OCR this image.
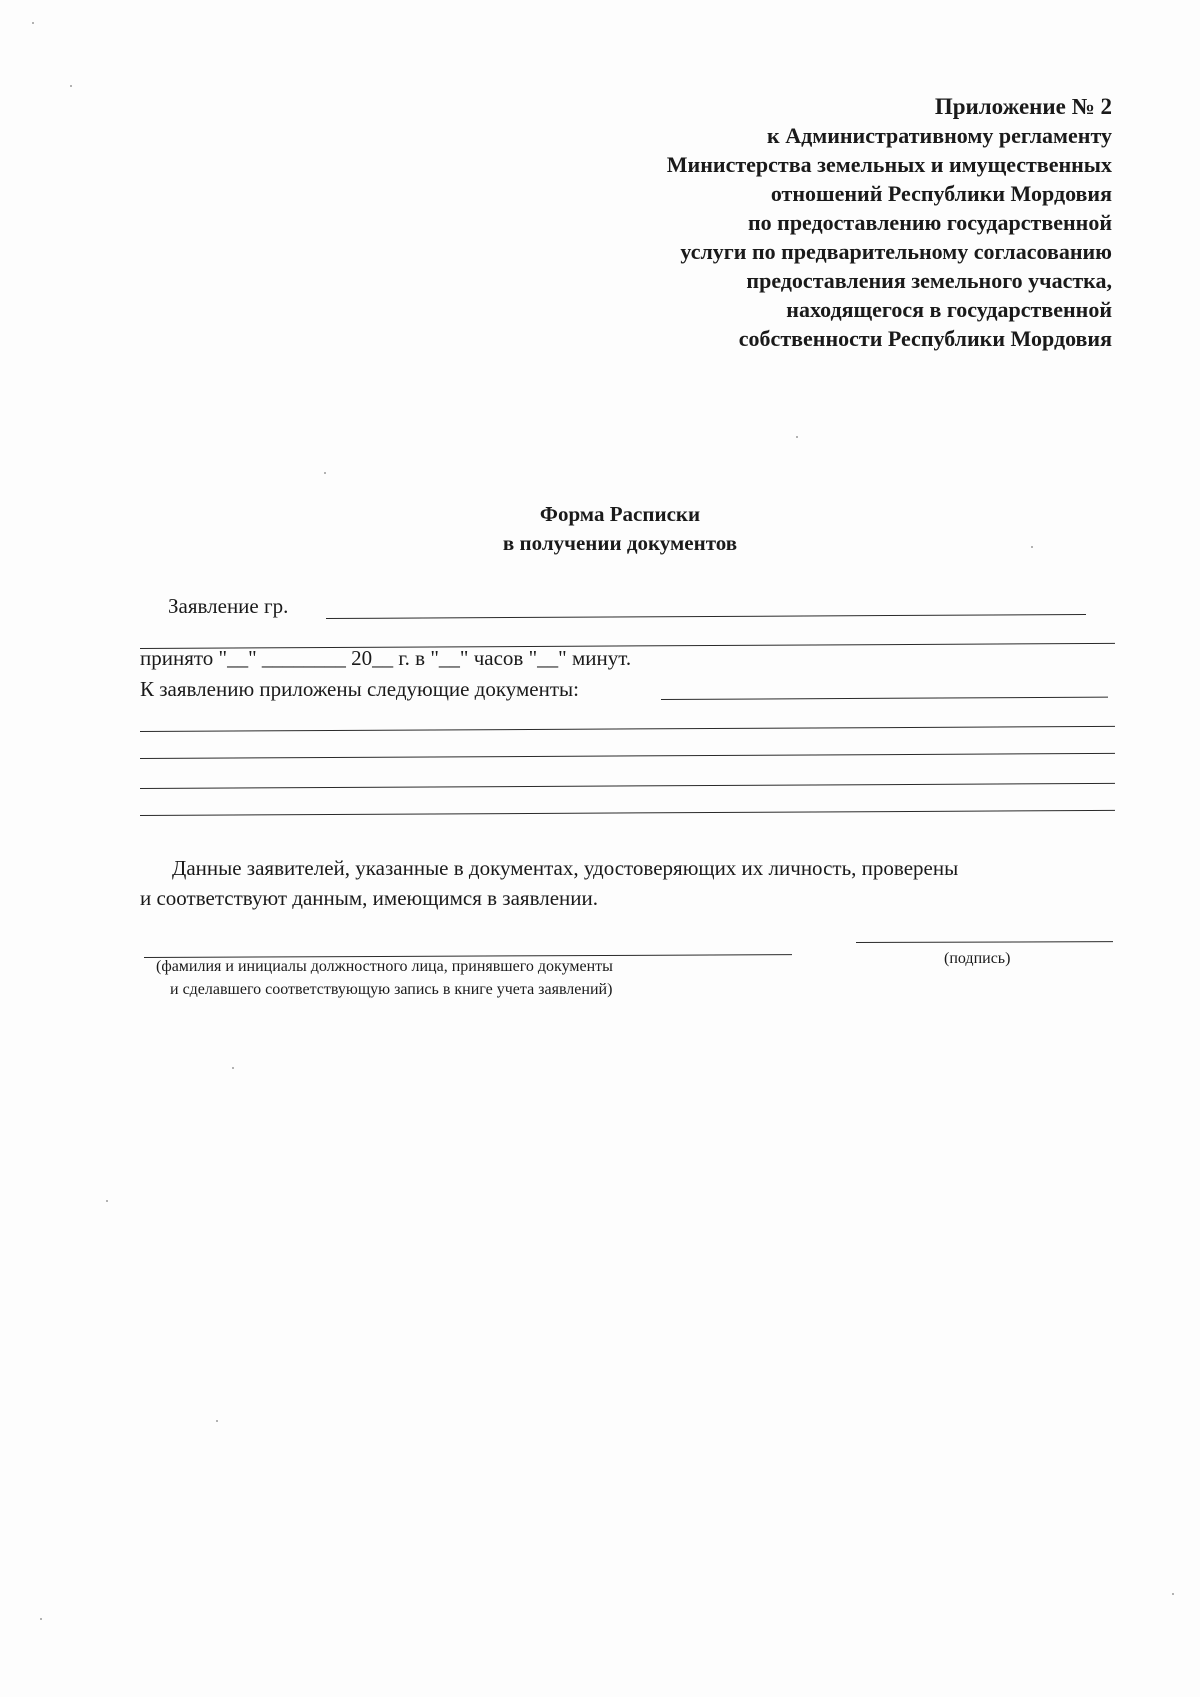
Приложение № 2
к Административному регламенту
Министерства земельных и имущественных
отношений Республики Мордовия
по предоставлению государственной
услуги по предварительному согласованию
предоставления земельного участка,
находящегося в государственной
собственности Республики Мордовия
Форма Расписки
в получении документов
Заявление гр.
принято "__" ________ 20__ г. в "__" часов "__" минут.
К заявлению приложены следующие документы:
Данные заявителей, указанные в документах, удостоверяющих их личность, проверены
и соответствуют данным, имеющимся в заявлении.
(фамилия и инициалы должностного лица, принявшего документы
и сделавшего соответствующую запись в книге учета заявлений)
(подпись)
